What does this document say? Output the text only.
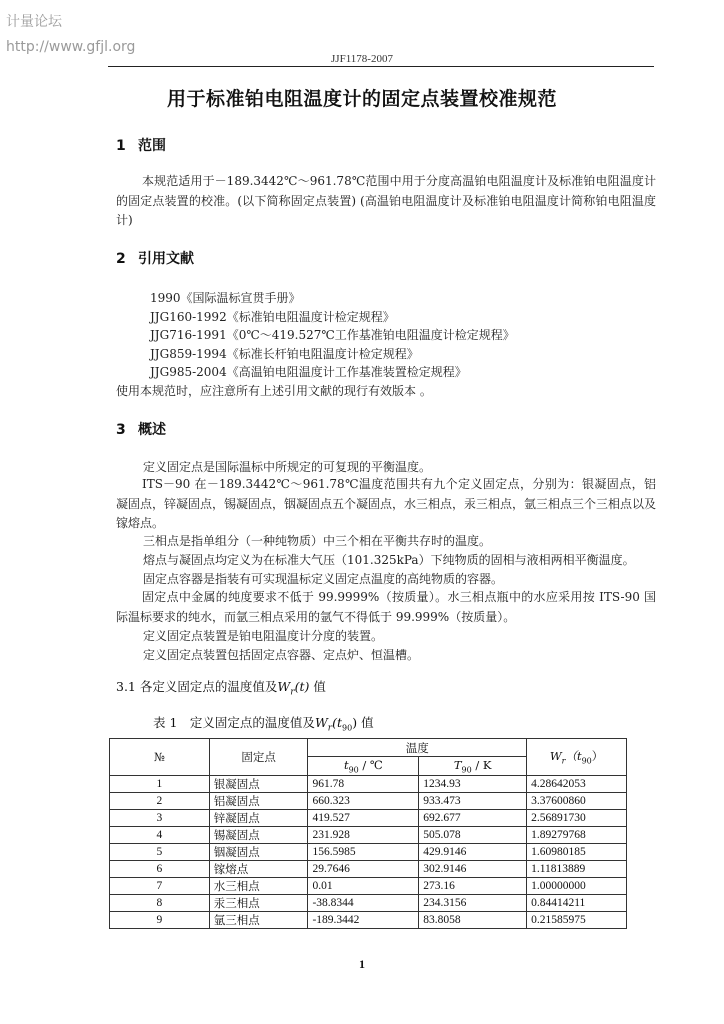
计量论坛
http://www.gfjl.org
JJF1178-2007
用于标准铂电阻温度计的固定点装置校准规范
1 范围
本规范适用于－189.3442℃～961.78℃范围中用于分度高温铂电阻温度计及标准铂电阻温度计的固定点装置的校准。(以下简称固定点装置) (高温铂电阻温度计及标准铂电阻温度计简称铂电阻温度计)
2 引用文献
1990《国际温标宣贯手册》
JJG160-1992《标准铂电阻温度计检定规程》
JJG716-1991《0℃～419.527℃工作基准铂电阻温度计检定规程》
JJG859-1994《标准长杆铂电阻温度计检定规程》
JJG985-2004《高温铂电阻温度计工作基准装置检定规程》
使用本规范时，应注意所有上述引用文献的现行有效版本 。
3 概述
定义固定点是国际温标中所规定的可复现的平衡温度。
ITS－90 在－189.3442℃～961.78℃温度范围共有九个定义固定点，分别为：银凝固点，铝凝固点，锌凝固点，锡凝固点，铟凝固点五个凝固点，水三相点，汞三相点，氩三相点三个三相点以及镓熔点。
三相点是指单组分（一种纯物质）中三个相在平衡共存时的温度。
熔点与凝固点均定义为在标准大气压（101.325kPa）下纯物质的固相与液相两相平衡温度。
固定点容器是指装有可实现温标定义固定点温度的高纯物质的容器。
固定点中金属的纯度要求不低于 99.9999%（按质量）。水三相点瓶中的水应采用按 ITS-90 国际温标要求的纯水，而氩三相点采用的氩气不得低于 99.999%（按质量）。
定义固定点装置是铂电阻温度计分度的装置。
定义固定点装置包括固定点容器、定点炉、恒温槽。
3.1 各定义固定点的温度值及$W_r(t)$ 值
表 1　定义固定点的温度值及$W_r(t_{90})$ 值
№	固定点	温度		$W_r(t_{90})$
		$t_{90}$ / ℃	$T_{90}$ / K	
1	银凝固点	961.78	1234.93	4.28642053
2	铝凝固点	660.323	933.473	3.37600860
3	锌凝固点	419.527	692.677	2.56891730
4	锡凝固点	231.928	505.078	1.89279768
5	铟凝固点	156.5985	429.9146	1.60980185
6	镓熔点	29.7646	302.9146	1.11813889
7	水三相点	0.01	273.16	1.00000000
8	汞三相点	-38.8344	234.3156	0.84414211
9	氩三相点	-189.3442	83.8058	0.21585975
1
